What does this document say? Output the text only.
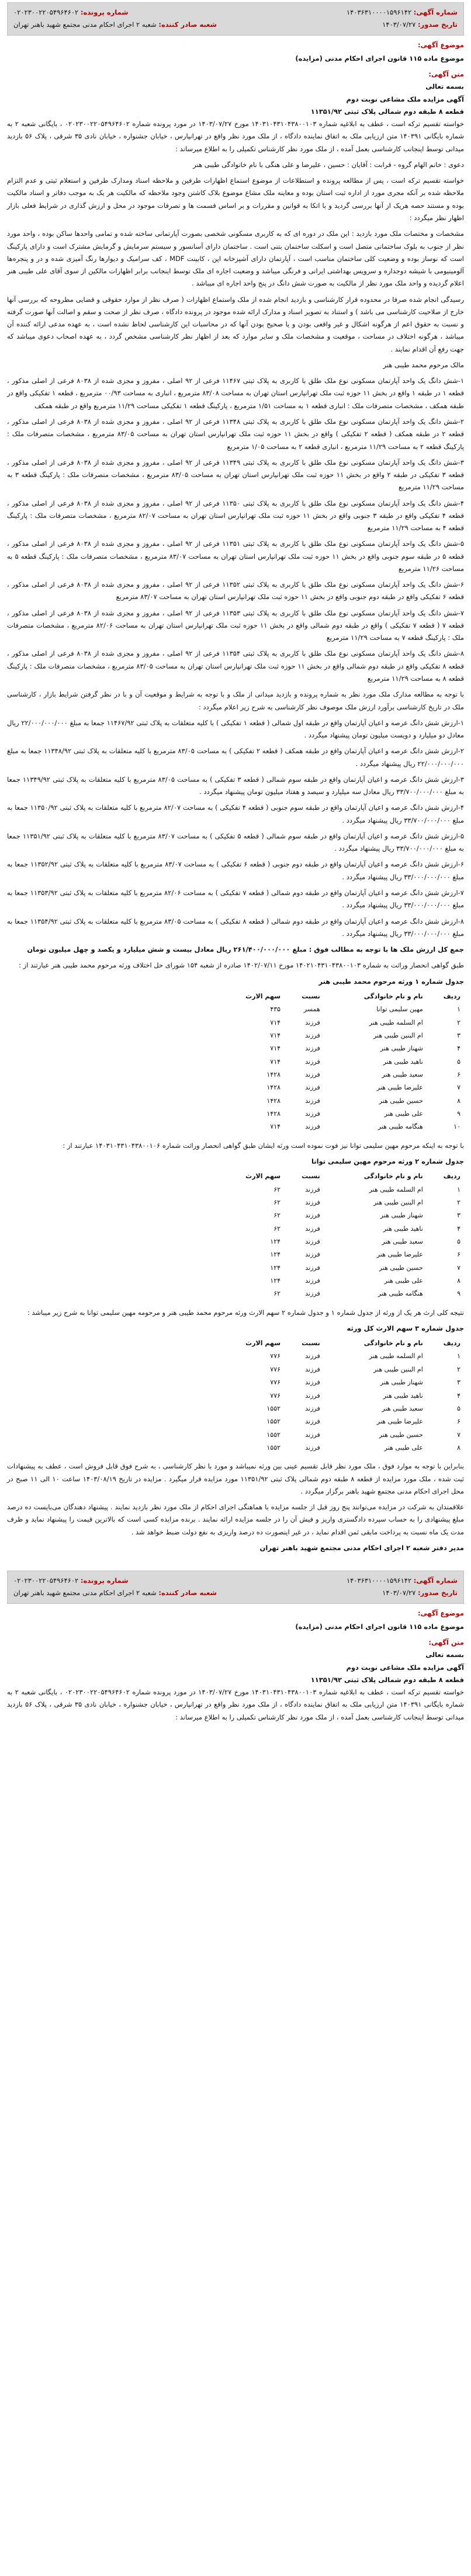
شماره آگهی: ۱۴۰۳۶۳۱۰۰۰۰۱۵۹۶۱۴۲
شماره پرونده: ۰۲۰۲۳۰۰۲۲۰۵۴۹۶۴۶۰۲
تاریخ صدور: ۱۴۰۳/۰۷/۲۷
شعبه صادر کننده: شعبه ۲ اجرای احکام مدنی مجتمع شهید باهنر تهران
موضوع آگهی:
موضوع ماده ۱۱۵ قانون اجرای احکام مدنی (مزایده)
متن آگهی:
بسمه تعالی
آگهی مزایده ملک مشاعی نوبت دوم
قطعه ۸ طبقه دوم شمالی پلاک ثبتی ۱۱۳۵۱/۹۲

خواسته تقسیم ترکه است ، عطف به ابلاغیه شماره ۱۴۰۳۱۰۴۳۱۰۴۳۸۰۰۱۰۳ مورخ ۱۴۰۳/۰۷/۲۷ در مورد پرونده شماره ۰۲۰۲۳۰۰۲۲۰۵۴۹۶۴۶۰۲ ، بایگانی شعبه ۲ به شماره بایگانی ۱۴۰۳۹۱ متن ارزیابی ملک به اتفاق نماینده دادگاه ، از ملک مورد نظر واقع در تهرانپارس ، خیابان جشنواره ، خیابان نادی ۳۵ شرقی ، پلاک ۵۶ بازدید میدانی توسط اینجانب کارشناسی بعمل آمده ، از ملک مورد نظر کارشناس تکمیلی را به اطلاع میرساند :

دعوی : خانم الهام گروه - قرابت : آقایان : حسین ، علیرضا و علی هنگی با نام خانوادگی طیبی هنر

خواسته تقسیم ترکه است ، پس از مطالعه پرونده و استطلاعات از موضوع استماع اظهارات طرفین و ملاحظه اسناد ومدارک طرفین و استعلام ثبتی و عدم التزام ملاحظه شده بر آنکه مجری مورد از اداره ثبت استان بوده و معاینه ملک مشاع موضوع بلاک کاشتن وجود ملاحظه که مالکیت هر یک به موجب دفاتر و اسناد مالکیت بوده و مستند حصه هریک از آنها بررسی گردید و با اتکا به قوانین و مقررات و بر اساس قسمت ها و تصرفات موجود در محل و ارزش گذاری در شرایط فعلی بازار اظهار نظر میگردد :

مشخصات و مختصات ملک مورد بازدید : این ملک در دوره ای که به کاربری مسکونی شخصی بصورت آپارتمانی ساخته شده و تمامی واحدها ساکن بوده ، واحد مورد نظر از جنوب به بلوک ساختمانی متصل است و اسکلت ساختمان بتنی است . ساختمان دارای آسانسور و سیستم سرمایش و گرمایش مشترک است و دارای پارکینگ است که نوساز بوده و وضعیت کلی ساختمان مناسب است ، آپارتمان دارای آشپزخانه اپن ، کابینت MDF ، کف سرامیک و دیوارها رنگ آمیزی شده و در و پنجره‌ها آلومینیومی با شیشه دوجداره و سرویس بهداشتی ایرانی و فرنگی میباشد و وضعیت اجاره ای ملک توسط اینجانب برابر اظهارات مالکین از سوی آقای علی طیبی هنر اعلام گردیده و واحد ملک مورد نظر از مالکیت به صورت شش دانگ در پنج واحد اجاره ای میباشد .

رسیدگی انجام شده صرفا در محدوده قرار کارشناسی و بازدید انجام شده از ملک واستماع اظهارات ( صرف نظر از موارد حقوقی و قضایی مطروحه که بررسی آنها خارج از صلاحیت کارشناسی می باشد ) و استناد به تصویر اسناد و مدارک ارائه شده موجود در پرونده دادگاه ، صرف نظر از صحت و سقم و اصالت آنها صورت گرفته و نسبت به حقوق اعم از هرگونه اشکال و غیر واقعی بودن و یا صحیح بودن آنها که در محاسبات این کارشناسی لحاظ نشده است ، به عهده مدعی ارائه کننده آن میباشد ، هرگونه اختلاف در مساحت ، موقعیت و مشخصات ملک و سایر موارد که بعد از اظهار نظر کارشناسی مشخص گردد ، به عهده اصحاب دعوی میباشد که جهت رفع آن اقدام نمایند .

مالک مرحوم محمد طیبی هنر

۱-شش دانگ یک واحد آپارتمان مسکونی نوع ملک طلق با کاربری به پلاک ثبتی ۱۱۴۶۷ فرعی از ۹۲ اصلی ، مفروز و مجزی شده از ۸۰۳۸ فرعی از اصلی مذکور ، قطعه ۱ در طبقه ۱ واقع در بخش ۱۱ حوزه ثبت ملک تهرانپارس استان تهران به مساحت ۸۳/۰۸ مترمربع ، انباری به مساحت ۰۰/۹۳ مترمربع ، قطعه ۱ تفکیکی واقع در طبقه همکف ، مشخصات متصرفات ملک : انباری قطعه ۱ به مساحت ۱/۵۱ مترمربع ، پارکینگ قطعه ۱ تفکیکی مساحت ۱۱/۲۹ مترمربع واقع در طبقه همکف

۲-شش دانگ یک واحد آپارتمان مسکونی نوع ملک طلق با کاربری به پلاک ثبتی ۱۱۳۴۸ فرعی از ۹۲ اصلی ، مفروز و مجزی شده از ۸۰۳۸ فرعی از اصلی مذکور ، قطعه ۲ در طبقه همکف ( قطعه ۲ تفکیکی ) واقع در بخش ۱۱ حوزه ثبت ملک تهرانپارس استان تهران به مساحت ۸۳/۰۵ مترمربع ، مشخصات متصرفات ملک : پارکینگ قطعه ۲ به مساحت ۱۱/۲۹ مترمربع ، انباری قطعه ۲ به مساحت ۱/۰۵ مترمربع

۳-شش دانگ یک واحد آپارتمان مسکونی نوع ملک طلق با کاربری به پلاک ثبتی ۱۱۳۴۹ فرعی از ۹۲ اصلی ، مفروز و مجزی شده از ۸۰۳۸ فرعی از اصلی مذکور ، قطعه ۳ تفکیکی در طبقه ۲ واقع در بخش ۱۱ حوزه ثبت ملک تهرانپارس استان تهران به مساحت ۸۳/۰۵ مترمربع ، مشخصات متصرفات ملک : پارکینگ قطعه ۳ به مساحت ۱۱/۲۹ مترمربع

۴-شش دانگ یک واحد آپارتمان مسکونی نوع ملک طلق با کاربری به پلاک ثبتی ۱۱۳۵۰ فرعی از ۹۲ اصلی ، مفروز و مجزی شده از ۸۰۳۸ فرعی از اصلی مذکور ، قطعه ۴ تفکیکی واقع در طبقه ۳ جنوبی واقع در بخش ۱۱ حوزه ثبت ملک تهرانپارس استان تهران به مساحت ۸۲/۰۷ مترمربع ، مشخصات متصرفات ملک : پارکینگ قطعه ۴ به مساحت ۱۱/۲۹ مترمربع

۵-شش دانگ یک واحد آپارتمان مسکونی نوع ملک طلق با کاربری به پلاک ثبتی ۱۱۳۵۱ فرعی از ۹۲ اصلی ، مفروز و مجزی شده از ۸۰۳۸ فرعی از اصلی مذکور ، قطعه ۵ در طبقه سوم جنوبی واقع در بخش ۱۱ حوزه ثبت ملک تهرانپارس استان تهران به مساحت ۸۳/۰۷ مترمربع ، مشخصات متصرفات ملک : پارکینگ قطعه ۵ به مساحت ۱۱/۲۶ مترمربع

۶-شش دانگ یک واحد آپارتمان مسکونی نوع ملک طلق با کاربری به پلاک ثبتی ۱۱۳۵۲ فرعی از ۹۲ اصلی ، مفروز و مجزی شده از ۸۰۳۸ فرعی از اصلی مذکور ، قطعه ۶ تفکیکی واقع در طبقه دوم جنوبی واقع در بخش ۱۱ حوزه ثبت ملک تهرانپارس استان تهران به مساحت ۸۳/۰۷ مترمربع

۷-شش دانگ یک واحد آپارتمان مسکونی نوع ملک طلق با کاربری به پلاک ثبتی ۱۱۳۵۳ فرعی از ۹۲ اصلی ، مفروز و مجزی شده از ۸۰۳۸ فرعی از اصلی مذکور ، قطعه ۷ ( قطعه ۷ تفکیکی ) واقع در طبقه دوم شمالی واقع در بخش ۱۱ حوزه ثبت ملک تهرانپارس استان تهران به مساحت ۸۲/۰۶ مترمربع ، مشخصات متصرفات ملک : پارکینگ قطعه ۷ به مساحت ۱۱/۲۹ مترمربع

۸-شش دانگ یک واحد آپارتمان مسکونی نوع ملک طلق با کاربری به پلاک ثبتی ۱۱۳۵۴ فرعی از ۹۲ اصلی ، مفروز و مجزی شده از ۸۰۳۸ فرعی از اصلی مذکور ، قطعه ۸ تفکیکی واقع در طبقه دوم شمالی واقع در بخش ۱۱ حوزه ثبت ملک تهرانپارس استان تهران به مساحت ۸۳/۰۵ مترمربع ، مشخصات متصرفات ملک : پارکینگ قطعه ۸ به مساحت ۱۱/۲۹ مترمربع

با توجه به مطالعه مدارک ملک مورد نظر به شماره پرونده و بازدید میدانی از ملک و با توجه به شرایط و موقعیت آن و با در نظر گرفتن شرایط بازار ، کارشناسی ملک در تاریخ کارشناسی برآورد ارزش ملک موصوف نظر کارشناسی به شرح زیر اعلام میگردد :

۱-ارزش شش دانگ عرصه و اعیان آپارتمان واقع در طبقه اول شمالی ( قطعه ۱ تفکیکی ) با کلیه متعلقات به پلاک ثبتی ۱۱۴۶۷/۹۲ جمعا به مبلغ ۲۲/۰۰۰/۰۰۰/۰۰۰ ریال معادل دو میلیارد و دویست میلیون تومان پیشنهاد میگردد .

۲-ارزش شش دانگ عرصه و اعیان آپارتمان واقع در طبقه همکف ( قطعه ۲ تفکیکی ) به مساحت ۸۳/۰۵ مترمربع با کلیه متعلقات به پلاک ثبتی ۱۱۳۴۸/۹۲ جمعا به مبلغ ۲۲/۰۰۰/۰۰۰/۰۰۰ ریال پیشنهاد میگردد .

۳-ارزش شش دانگ عرصه و اعیان آپارتمان واقع در طبقه سوم شمالی ( قطعه ۳ تفکیکی ) به مساحت ۸۳/۰۵ مترمربع با کلیه متعلقات به پلاک ثبتی ۱۱۳۴۹/۹۲ جمعا به مبلغ ۳۳/۷۰۰/۰۰۰/۰۰۰ ریال معادل سه میلیارد و سیصد و هفتاد میلیون تومان پیشنهاد میگردد .

۴-ارزش شش دانگ عرصه و اعیان آپارتمان واقع در طبقه سوم جنوبی ( قطعه ۴ تفکیکی ) به مساحت ۸۲/۰۷ مترمربع با کلیه متعلقات به پلاک ثبتی ۱۱۳۵۰/۹۲ جمعا به مبلغ ۳۳/۷۰۰/۰۰۰/۰۰۰ ریال پیشنهاد میگردد .

۵-ارزش شش دانگ عرصه و اعیان آپارتمان واقع در طبقه سوم شمالی ( قطعه ۵ تفکیکی ) به مساحت ۸۳/۰۷ مترمربع با کلیه متعلقات به پلاک ثبتی ۱۱۳۵۱/۹۲ جمعا به مبلغ ۳۳/۷۰۰/۰۰۰/۰۰۰ ریال پیشنهاد میگردد .

۶-ارزش شش دانگ عرصه و اعیان آپارتمان واقع در طبقه دوم جنوبی ( قطعه ۶ تفکیکی ) به مساحت ۸۳/۰۷ مترمربع با کلیه متعلقات به پلاک ثبتی ۱۱۳۵۲/۹۲ جمعا به مبلغ ۳۳/۰۰۰/۰۰۰/۰۰۰ ریال پیشنهاد میگردد .

۷-ارزش شش دانگ عرصه و اعیان آپارتمان واقع در طبقه دوم شمالی ( قطعه ۷ تفکیکی ) به مساحت ۸۲/۰۶ مترمربع با کلیه متعلقات به پلاک ثبتی ۱۱۳۵۳/۹۲ جمعا به مبلغ ۳۳/۰۰۰/۰۰۰/۰۰۰ ریال پیشنهاد میگردد .

۸-ارزش شش دانگ عرصه و اعیان آپارتمان واقع در طبقه دوم شمالی ( قطعه ۸ تفکیکی ) به مساحت ۸۳/۰۵ مترمربع با کلیه متعلقات به پلاک ثبتی ۱۱۳۵۴/۹۲ جمعا به مبلغ ۳۳/۰۰۰/۰۰۰/۰۰۰ ریال پیشنهاد میگردد .

جمع کل ارزش ملک ها با توجه به مطالب فوق : مبلغ ۲۶۱/۴۰۰/۰۰۰/۰۰۰ ریال معادل بیست و شش میلیارد و یکصد و چهل میلیون تومان

طبق گواهی انحصار وراثت به شماره ۱۴۰۲۱۰۴۳۱۰۴۳۸۰۰۱۰۳ مورخ ۱۴۰۲/۰۷/۱۱ صادره از شعبه ۱۵۴ شورای حل اختلاف ورثه مرحوم محمد طیبی هنر عبارتند از :

جدول شماره ۱ ورثه مرحوم محمد طیبی هنر
ردیف	نام و نام خانوادگی	نسبت	سهم الارث
۱	مهین سلیمی توانا	همسر	۴۳۵
۲	ام السلمه طیبی هنر	فرزند	۷۱۴
۳	ام البنین طیبی هنر	فرزند	۷۱۴
۴	شهناز طیبی هنر	فرزند	۷۱۴
۵	ناهید طیبی هنر	فرزند	۷۱۴
۶	سعید طیبی هنر	فرزند	۱۴۲۸
۷	علیرضا طیبی هنر	فرزند	۱۴۲۸
۸	حسین طیبی هنر	فرزند	۱۴۲۸
۹	علی طیبی هنر	فرزند	۱۴۲۸
۱۰	هنگامه طیبی هنر	فرزند	۷۱۴

با توجه به اینکه مرحوم مهین سلیمی توانا نیز فوت نموده است ورثه ایشان طبق گواهی انحصار وراثت شماره ۱۴۰۳۱۰۴۳۱۰۴۳۸۰۰۱۰۶ عبارتند از :

جدول شماره ۲ ورثه مرحوم مهین سلیمی توانا
ردیف	نام و نام خانوادگی	نسبت	سهم الارث
۱	ام السلمه طیبی هنر	فرزند	۶۲
۲	ام البنین طیبی هنر	فرزند	۶۲
۳	شهناز طیبی هنر	فرزند	۶۲
۴	ناهید طیبی هنر	فرزند	۶۲
۵	سعید طیبی هنر	فرزند	۱۲۴
۶	علیرضا طیبی هنر	فرزند	۱۲۴
۷	حسین طیبی هنر	فرزند	۱۲۴
۸	علی طیبی هنر	فرزند	۱۲۴
۹	هنگامه طیبی هنر	فرزند	۶۲

نتیجه کلی ارث هر یک از ورثه از جدول شماره ۱ و جدول شماره ۲ سهم الارث ورثه مرحوم محمد طیبی هنر و مرحومه مهین سلیمی توانا به شرح زیر میباشد :

جدول شماره ۳ سهم الارث کل ورثه
ردیف	نام و نام خانوادگی	نسبت	سهم الارث
۱	ام السلمه طیبی هنر	فرزند	۷۷۶
۲	ام البنین طیبی هنر	فرزند	۷۷۶
۳	شهناز طیبی هنر	فرزند	۷۷۶
۴	ناهید طیبی هنر	فرزند	۷۷۶
۵	سعید طیبی هنر	فرزند	۱۵۵۲
۶	علیرضا طیبی هنر	فرزند	۱۵۵۲
۷	حسین طیبی هنر	فرزند	۱۵۵۲
۸	علی طیبی هنر	فرزند	۱۵۵۲

بنابراین با توجه به موارد فوق ، ملک مورد نظر قابل تقسیم عینی بین ورثه نمیباشد و مورد با نظر کارشناسی ، به شرح فوق قابل فروش است ، عطف به پیشنهادات ثبت شده ، ملک مورد مزایده از قطعه ۸ طبقه دوم شمالی پلاک ثبتی ۱۱۳۵۱/۹۲ مورد مزایده قرار میگیرد . مزایده در تاریخ ۱۴۰۳/۰۸/۱۹ ساعت ۱۰ الی ۱۱ صبح در محل اجرای احکام مدنی مجتمع شهید باهنر برگزار میگردد .

علاقمندان به شرکت در مزایده می‌توانند پنج روز قبل از جلسه مزایده با هماهنگی اجرای احکام از ملک مورد نظر بازدید نمایند . پیشنهاد دهندگان می‌بایست ده درصد مبلغ پیشنهادی را به حساب سپرده دادگستری واریز و فیش آن را در جلسه مزایده ارائه نمایند . برنده مزایده کسی است که بالاترین قیمت را پیشنهاد نماید و ظرف مدت یک ماه نسبت به پرداخت مابقی ثمن اقدام نماید ، در غیر اینصورت ده درصد واریزی به نفع دولت ضبط خواهد شد .

مدیر دفتر شعبه ۲ اجرای احکام مدنی مجتمع شهید باهنر تهران

شماره آگهی: ۱۴۰۳۶۳۱۰۰۰۰۱۵۹۶۱۴۲
شماره پرونده: ۰۲۰۲۳۰۰۲۲۰۵۴۹۶۴۶۰۲
تاریخ صدور: ۱۴۰۳/۰۷/۲۷
شعبه صادر کننده: شعبه ۲ اجرای احکام مدنی مجتمع شهید باهنر تهران
موضوع آگهی:
موضوع ماده ۱۱۵ قانون اجرای احکام مدنی (مزایده)
متن آگهی:
بسمه تعالی
آگهی مزایده ملک مشاعی نوبت دوم
قطعه ۸ طبقه دوم شمالی پلاک ثبتی ۱۱۳۵۱/۹۲

خواسته تقسیم ترکه است ، عطف به ابلاغیه شماره ۱۴۰۳۱۰۴۳۱۰۴۳۸۰۰۱۰۳ مورخ ۱۴۰۳/۰۷/۲۷ در مورد پرونده شماره ۰۲۰۲۳۰۰۲۲۰۵۴۹۶۴۶۰۲ ، بایگانی شعبه ۲ به شماره بایگانی ۱۴۰۳۹۱ متن ارزیابی ملک به اتفاق نماینده دادگاه ، از ملک مورد نظر واقع در تهرانپارس ، خیابان جشنواره ، خیابان نادی ۳۵ شرقی ، پلاک ۵۶ بازدید میدانی توسط اینجانب کارشناسی بعمل آمده ، از ملک مورد نظر کارشناس تکمیلی را به اطلاع میرساند :
